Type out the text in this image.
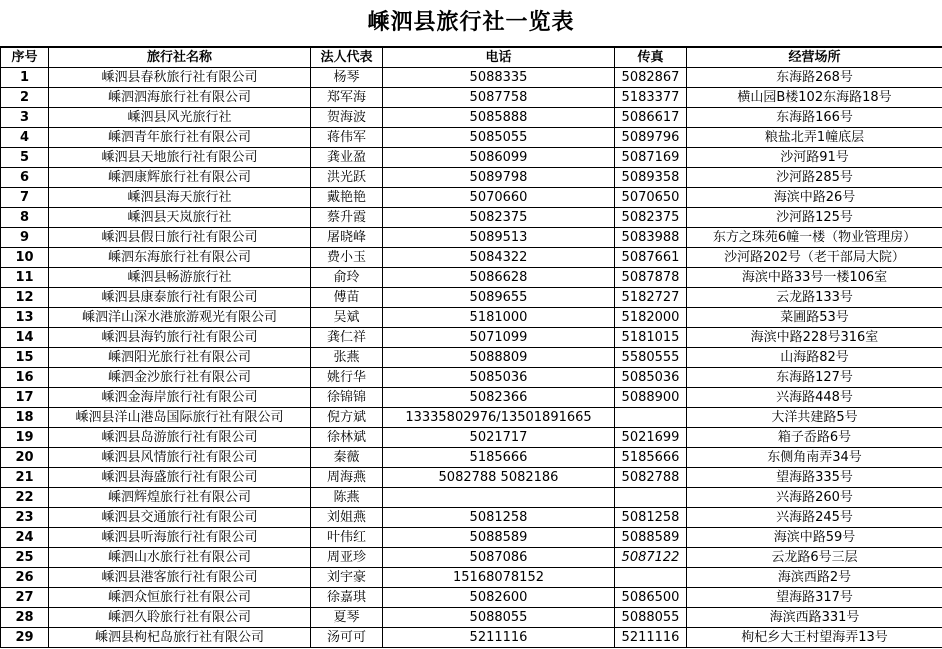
嵊泗县旅行社一览表
序号	旅行社名称	法人代表	电话	传真	经营场所
1	嵊泗县春秋旅行社有限公司	杨琴	5088335	5082867	东海路268号
2	嵊泗泗海旅行社有限公司	郑军海	5087758	5183377	横山园B楼102东海路18号
3	嵊泗县风光旅行社	贺海波	5085888	5086617	东海路166号
4	嵊泗青年旅行社有限公司	蒋伟军	5085055	5089796	粮盐北弄1幢底层
5	嵊泗县天地旅行社有限公司	龚业盈	5086099	5087169	沙河路91号
6	嵊泗康辉旅行社有限公司	洪光跃	5089798	5089358	沙河路285号
7	嵊泗县海天旅行社	戴艳艳	5070660	5070650	海滨中路26号
8	嵊泗县天岚旅行社	蔡升霞	5082375	5082375	沙河路125号
9	嵊泗县假日旅行社有限公司	屠晓峰	5089513	5083988	东方之珠苑6幢一楼（物业管理房）
10	嵊泗东海旅行社有限公司	费小玉	5084322	5087661	沙河路202号（老干部局大院）
11	嵊泗县畅游旅行社	俞玲	5086628	5087878	海滨中路33号一楼106室
12	嵊泗县康泰旅行社有限公司	傅苗	5089655	5182727	云龙路133号
13	嵊泗洋山深水港旅游观光有限公司	吴斌	5181000	5182000	菜圃路53号
14	嵊泗县海钓旅行社有限公司	龚仁祥	5071099	5181015	海滨中路228号316室
15	嵊泗阳光旅行社有限公司	张燕	5088809	5580555	山海路82号
16	嵊泗金沙旅行社有限公司	姚行华	5085036	5085036	东海路127号
17	嵊泗金海岸旅行社有限公司	徐锦锦	5082366	5088900	兴海路448号
18	嵊泗县洋山港岛国际旅行社有限公司	倪方斌	13335802976/13501891665		大洋共建路5号
19	嵊泗县岛游旅行社有限公司	徐林斌	5021717	5021699	箱子岙路6号
20	嵊泗县风情旅行社有限公司	秦薇	5185666	5185666	东侧角南弄34号
21	嵊泗县海盛旅行社有限公司	周海燕	5082788 5082186	5082788	望海路335号
22	嵊泗辉煌旅行社有限公司	陈燕			兴海路260号
23	嵊泗县交通旅行社有限公司	刘姐燕	5081258	5081258	兴海路245号
24	嵊泗县听海旅行社有限公司	叶伟红	5088589	5088589	海滨中路59号
25	嵊泗山水旅行社有限公司	周亚珍	5087086	5087122	云龙路6号三层
26	嵊泗县港客旅行社有限公司	刘宇豪	15168078152		海滨西路2号
27	嵊泗众恒旅行社有限公司	徐嘉琪	5082600	5086500	望海路317号
28	嵊泗久聆旅行社有限公司	夏琴	5088055	5088055	海滨西路331号
29	嵊泗县枸杞岛旅行社有限公司	汤可可	5211116	5211116	枸杞乡大王村望海弄13号
